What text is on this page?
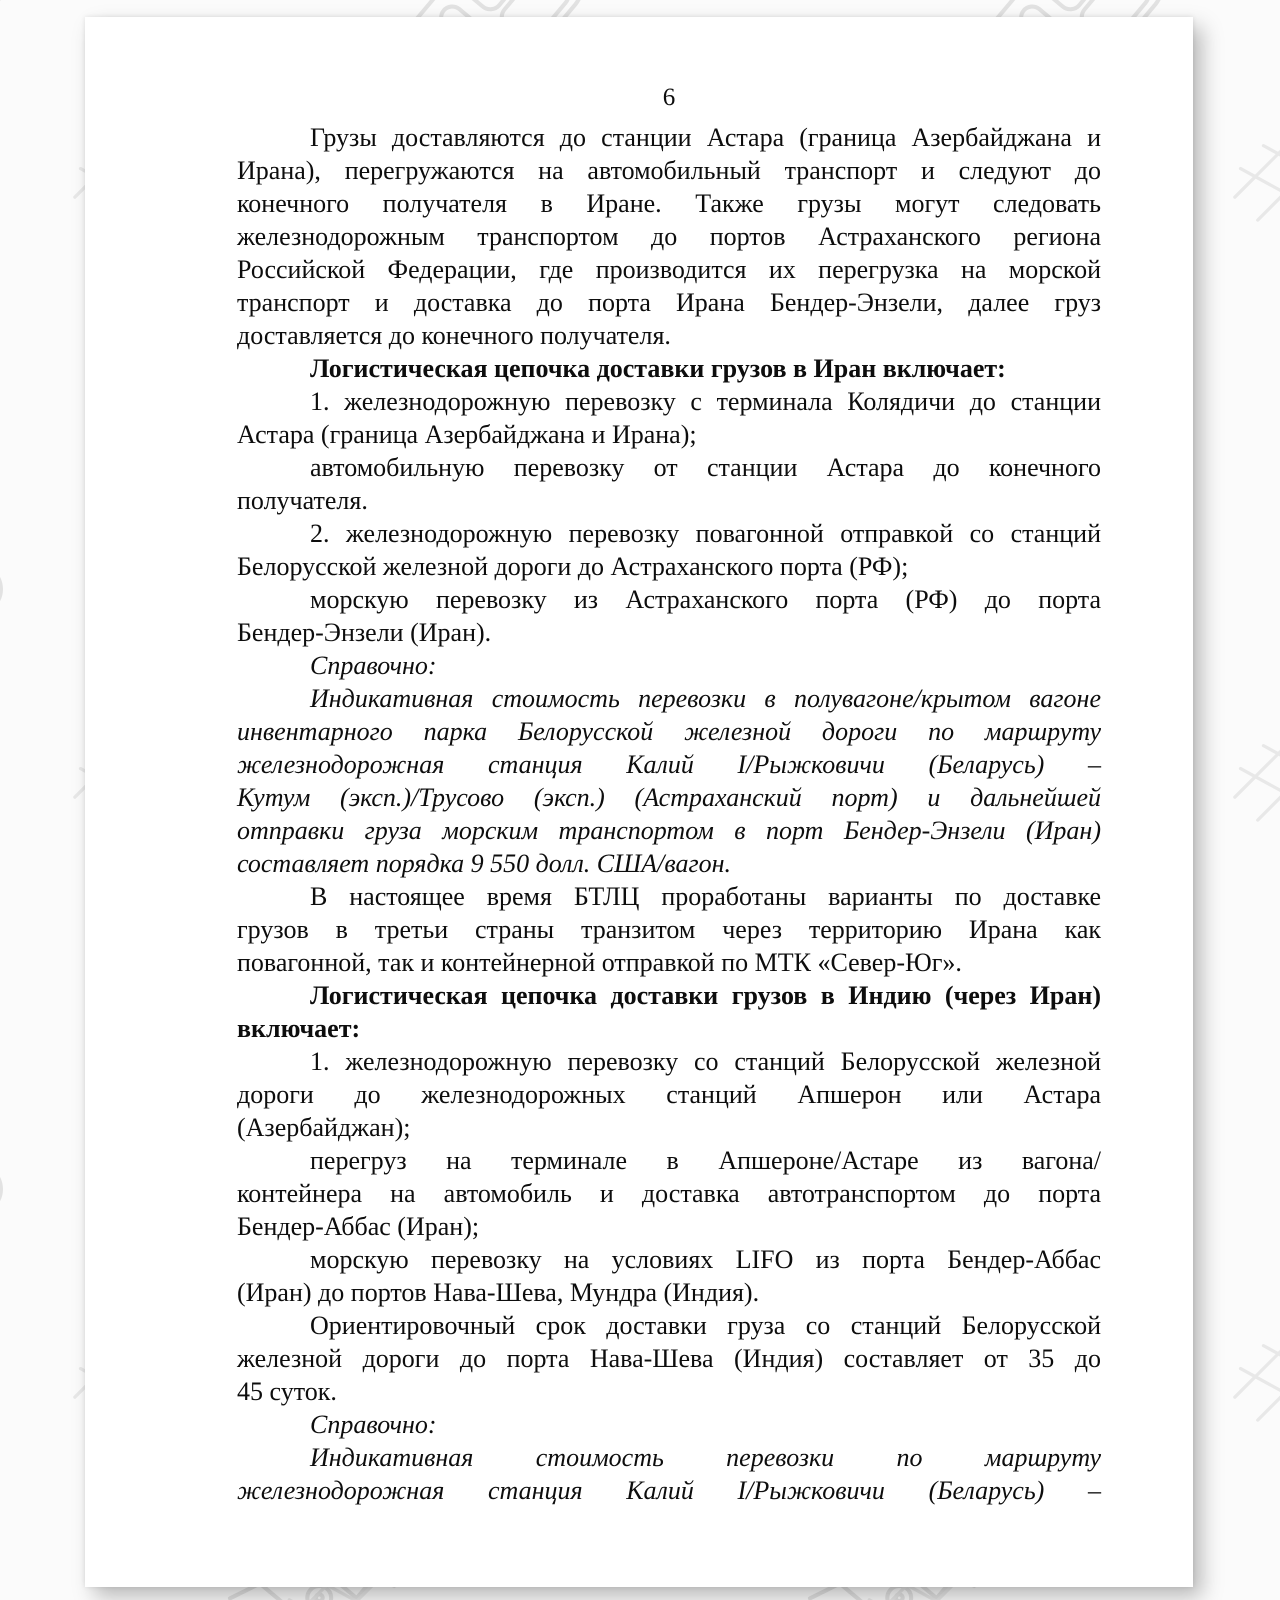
6
Грузы доставляются до станции Астара (граница Азербайджана и
Ирана), перегружаются на автомобильный транспорт и следуют до
конечного получателя в Иране. Также грузы могут следовать
железнодорожным транспортом до портов Астраханского региона
Российской Федерации, где производится их перегрузка на морской
транспорт и доставка до порта Ирана Бендер-Энзели, далее груз
доставляется до конечного получателя.
Логистическая цепочка доставки грузов в Иран включает:
1. железнодорожную перевозку с терминала Колядичи до станции
Астара (граница Азербайджана и Ирана);
автомобильную перевозку от станции Астара до конечного
получателя.
2. железнодорожную перевозку повагонной отправкой со станций
Белорусской железной дороги до Астраханского порта (РФ);
морскую перевозку из Астраханского порта (РФ) до порта
Бендер-Энзели (Иран).
Справочно:
Индикативная стоимость перевозки в полувагоне/крытом вагоне
инвентарного парка Белорусской железной дороги по маршруту
железнодорожная станция Калий I/Рыжковичи (Беларусь) –
Кутум (эксп.)/Трусово (эксп.) (Астраханский порт) и дальнейшей
отправки груза морским транспортом в порт Бендер-Энзели (Иран)
составляет порядка 9 550 долл. США/вагон.
В настоящее время БТЛЦ проработаны варианты по доставке
грузов в третьи страны транзитом через территорию Ирана как
повагонной, так и контейнерной отправкой по МТК «Север-Юг».
Логистическая цепочка доставки грузов в Индию (через Иран)
включает:
1. железнодорожную перевозку со станций Белорусской железной
дороги до железнодорожных станций Апшерон или Астара
(Азербайджан);
перегруз на терминале в Апшероне/Астаре из вагона/
контейнера на автомобиль и доставка автотранспортом до порта
Бендер-Аббас (Иран);
морскую перевозку на условиях LIFO из порта Бендер-Аббас
(Иран) до портов Нава-Шева, Мундра (Индия).
Ориентировочный срок доставки груза со станций Белорусской
железной дороги до порта Нава-Шева (Индия) составляет от 35 до
45 суток.
Справочно:
Индикативная стоимость перевозки по маршруту
железнодорожная станция Калий I/Рыжковичи (Беларусь) –
